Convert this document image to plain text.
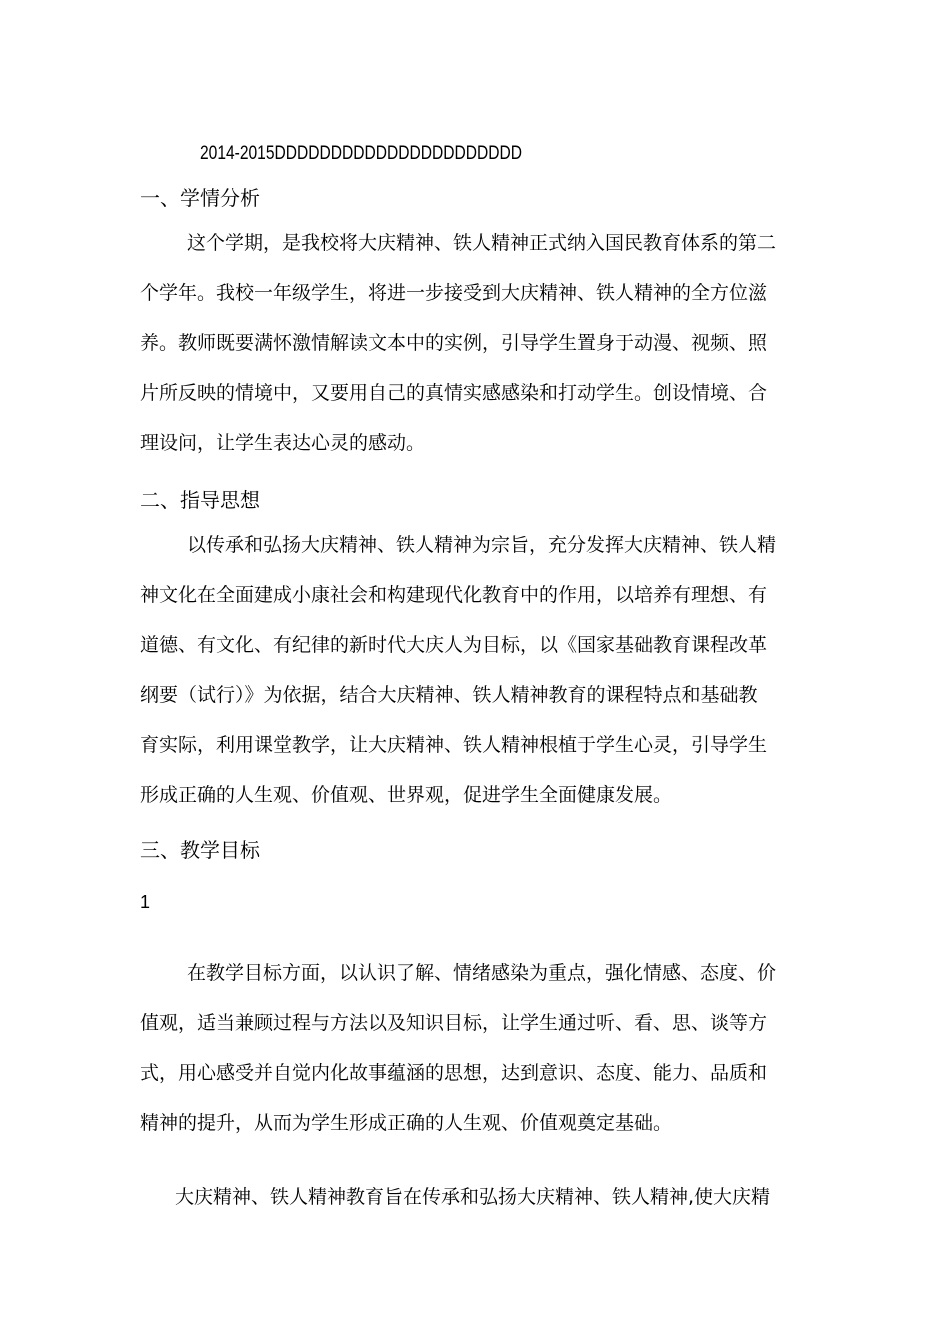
2014-2015DDDDDDDDDDDDDDDDDDDDDD
一、学情分析
这个学期，是我校将大庆精神、铁人精神正式纳入国民教育体系的第二
个学年。我校一年级学生，将进一步接受到大庆精神、铁人精神的全方位滋
养。教师既要满怀激情解读文本中的实例，引导学生置身于动漫、视频、照
片所反映的情境中，又要用自己的真情实感感染和打动学生。创设情境、合
理设问，让学生表达心灵的感动。
二、指导思想
以传承和弘扬大庆精神、铁人精神为宗旨，充分发挥大庆精神、铁人精
神文化在全面建成小康社会和构建现代化教育中的作用，以培养有理想、有
道德、有文化、有纪律的新时代大庆人为目标，以《国家基础教育课程改革
纲要（试行）》为依据，结合大庆精神、铁人精神教育的课程特点和基础教
育实际，利用课堂教学，让大庆精神、铁人精神根植于学生心灵，引导学生
形成正确的人生观、价值观、世界观，促进学生全面健康发展。
三、教学目标
1
在教学目标方面，以认识了解、情绪感染为重点，强化情感、态度、价
值观，适当兼顾过程与方法以及知识目标，让学生通过听、看、思、谈等方
式，用心感受并自觉内化故事蕴涵的思想，达到意识、态度、能力、品质和
精神的提升，从而为学生形成正确的人生观、价值观奠定基础。
大庆精神、铁人精神教育旨在传承和弘扬大庆精神、铁人精神,使大庆精
